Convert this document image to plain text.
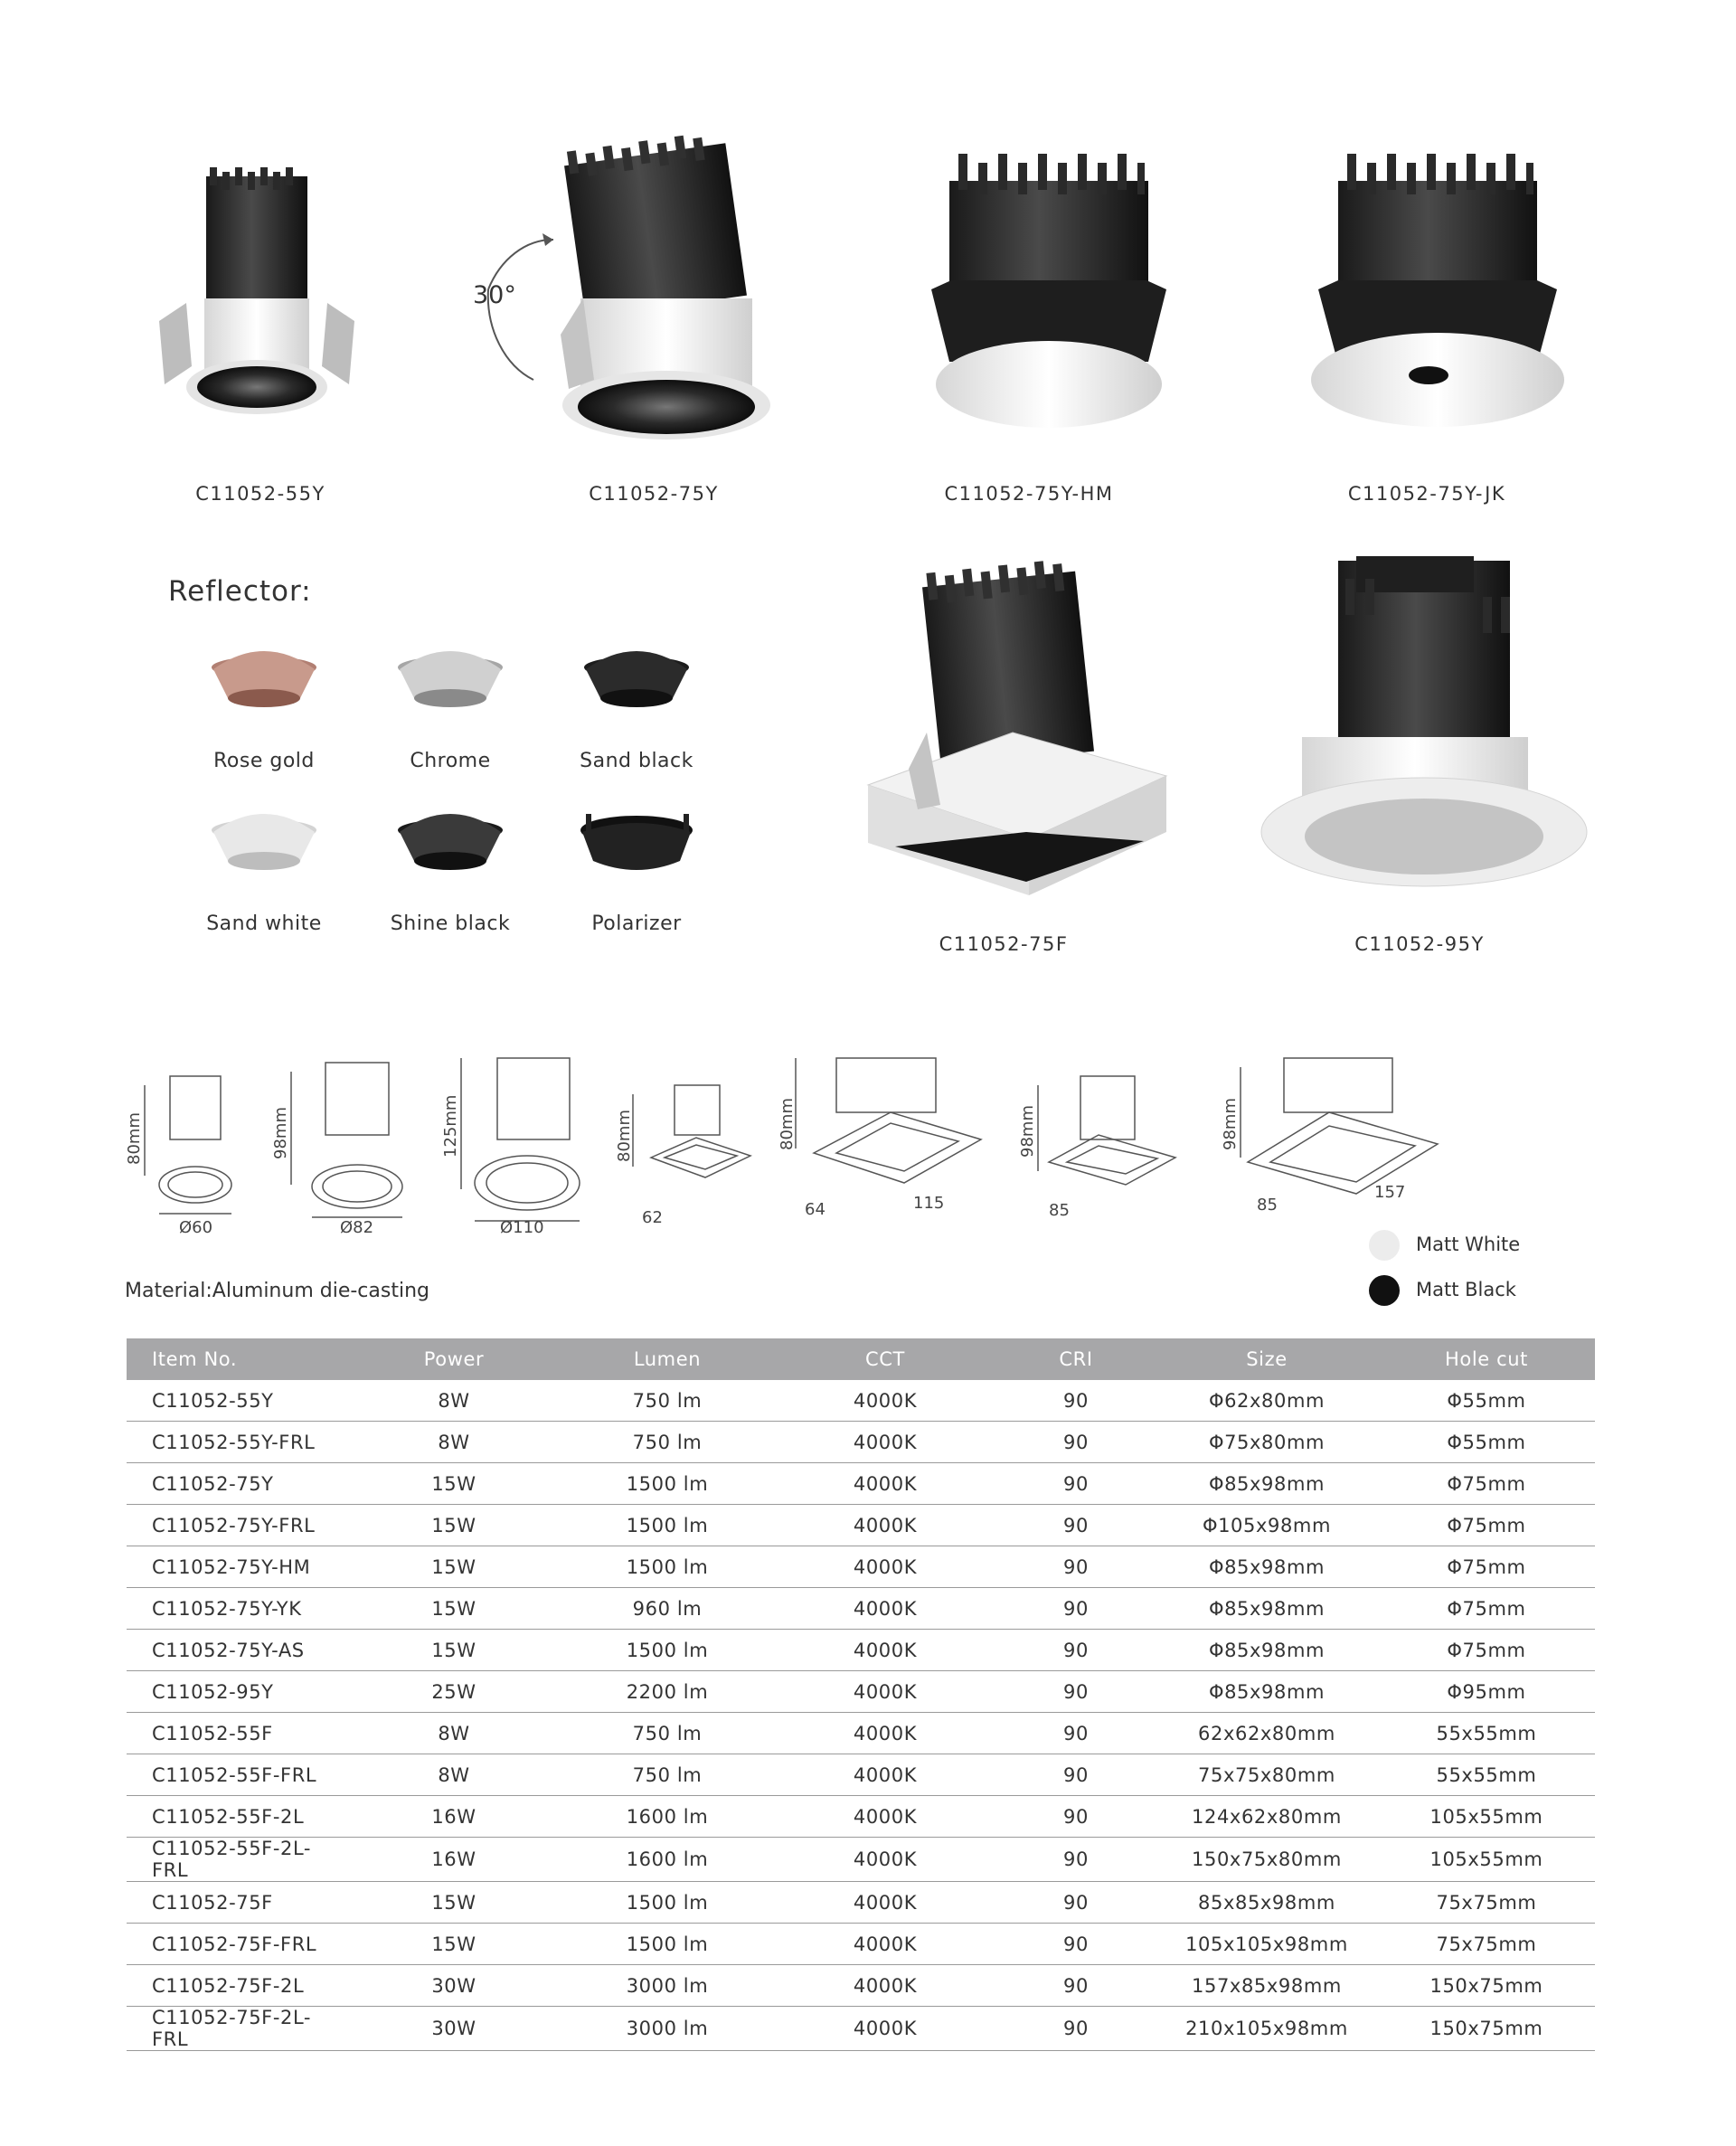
30°
C11052-55Y	C11052-75Y	C11052-75Y-HM	C11052-75Y-JK
C11052-75F	C11052-95Y
Reflector:
Rose gold	Chrome	Sand black
Sand white	Shine black	Polarizer
80mm
Ø60
98mm
Ø82
125mm
Ø110
80mm
62
80mm
64	115
98mm
85
98mm
85
157
Matt White
Matt Black
Material:Aluminum die-casting
Item No.	Power	Lumen	CCT	CRI	Size	Hole cut
C11052-55Y	8W	750 lm	4000K	90	Φ62x80mm	Φ55mm
C11052-55Y-FRL	8W	750 lm	4000K	90	Φ75x80mm	Φ55mm
C11052-75Y	15W	1500 lm	4000K	90	Φ85x98mm	Φ75mm
C11052-75Y-FRL	15W	1500 lm	4000K	90	Φ105x98mm	Φ75mm
C11052-75Y-HM	15W	1500 lm	4000K	90	Φ85x98mm	Φ75mm
C11052-75Y-YK	15W	960 lm	4000K	90	Φ85x98mm	Φ75mm
C11052-75Y-AS	15W	1500 lm	4000K	90	Φ85x98mm	Φ75mm
C11052-95Y	25W	2200 lm	4000K	90	Φ85x98mm	Φ95mm
C11052-55F	8W	750 lm	4000K	90	62x62x80mm	55x55mm
C11052-55F-FRL	8W	750 lm	4000K	90	75x75x80mm	55x55mm
C11052-55F-2L	16W	1600 lm	4000K	90	124x62x80mm	105x55mm
C11052-55F-2L-FRL	16W	1600 lm	4000K	90	150x75x80mm	105x55mm
C11052-75F	15W	1500 lm	4000K	90	85x85x98mm	75x75mm
C11052-75F-FRL	15W	1500 lm	4000K	90	105x105x98mm	75x75mm
C11052-75F-2L	30W	3000 lm	4000K	90	157x85x98mm	150x75mm
C11052-75F-2L-FRL	30W	3000 lm	4000K	90	210x105x98mm	150x75mm
